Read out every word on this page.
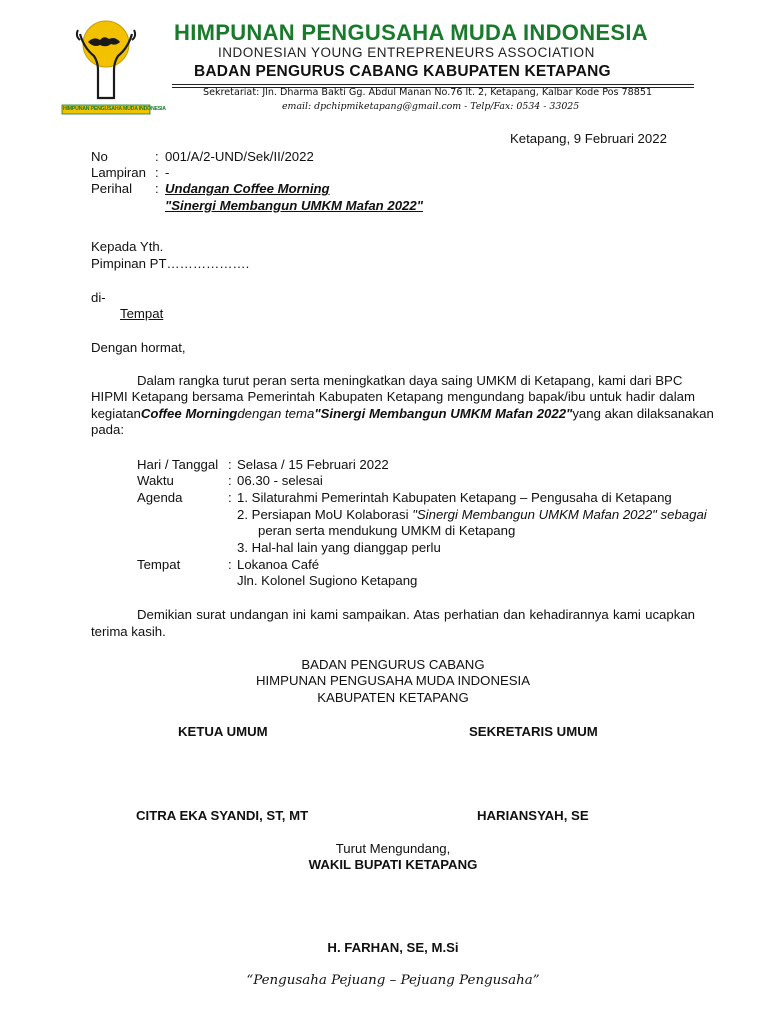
HIMPUNAN PENGUSAHA MUDA INDONESIA
HIMPUNAN PENGUSAHA MUDA INDONESIA
INDONESIAN YOUNG ENTREPRENEURS ASSOCIATION
BADAN PENGURUS CABANG KABUPATEN KETAPANG
Sekretariat: Jln. Dharma Bakti Gg. Abdul Manan No.76 lt. 2, Ketapang, Kalbar Kode Pos 78851
email: dpchipmiketapang@gmail.com - Telp/Fax: 0534 - 33025
Ketapang, 9 Februari 2022
No	: 001/A/2-UND/Sek/II/2022
Lampiran : -
Perihal : Undangan Coffee Morning
"Sinergi Membangun UMKM Mafan 2022"
Kepada Yth.
Pimpinan PT……………….
di-
Tempat
Dengan hormat,
Dalam rangka turut peran serta meningkatkan daya saing UMKM di Ketapang, kami dari BPC
HIPMI Ketapang bersama Pemerintah Kabupaten Ketapang mengundang bapak/ibu untuk hadir dalam
kegiatan Coffee Morning dengan tema "Sinergi Membangun UMKM Mafan 2022" yang akan dilaksanakan
pada:
Hari / Tanggal : Selasa / 15 Februari 2022
Waktu	: 06.30 - selesai
Agenda	: 1. Silaturahmi Pemerintah Kabupaten Ketapang – Pengusaha di Ketapang
2. Persiapan MoU Kolaborasi "Sinergi Membangun UMKM Mafan 2022" sebagai
peran serta mendukung UMKM di Ketapang
3. Hal-hal lain yang dianggap perlu
Tempat	: Lokanoa Café
Jln. Kolonel Sugiono Ketapang
Demikian surat undangan ini kami sampaikan. Atas perhatian dan kehadirannya kami ucapkan
terima kasih.
BADAN PENGURUS CABANG
HIMPUNAN PENGUSAHA MUDA INDONESIA
KABUPATEN KETAPANG
KETUA UMUM	SEKRETARIS UMUM
CITRA EKA SYANDI, ST, MT	HARIANSYAH, SE
Turut Mengundang,
WAKIL BUPATI KETAPANG
H. FARHAN, SE, M.Si
“Pengusaha Pejuang – Pejuang Pengusaha”
